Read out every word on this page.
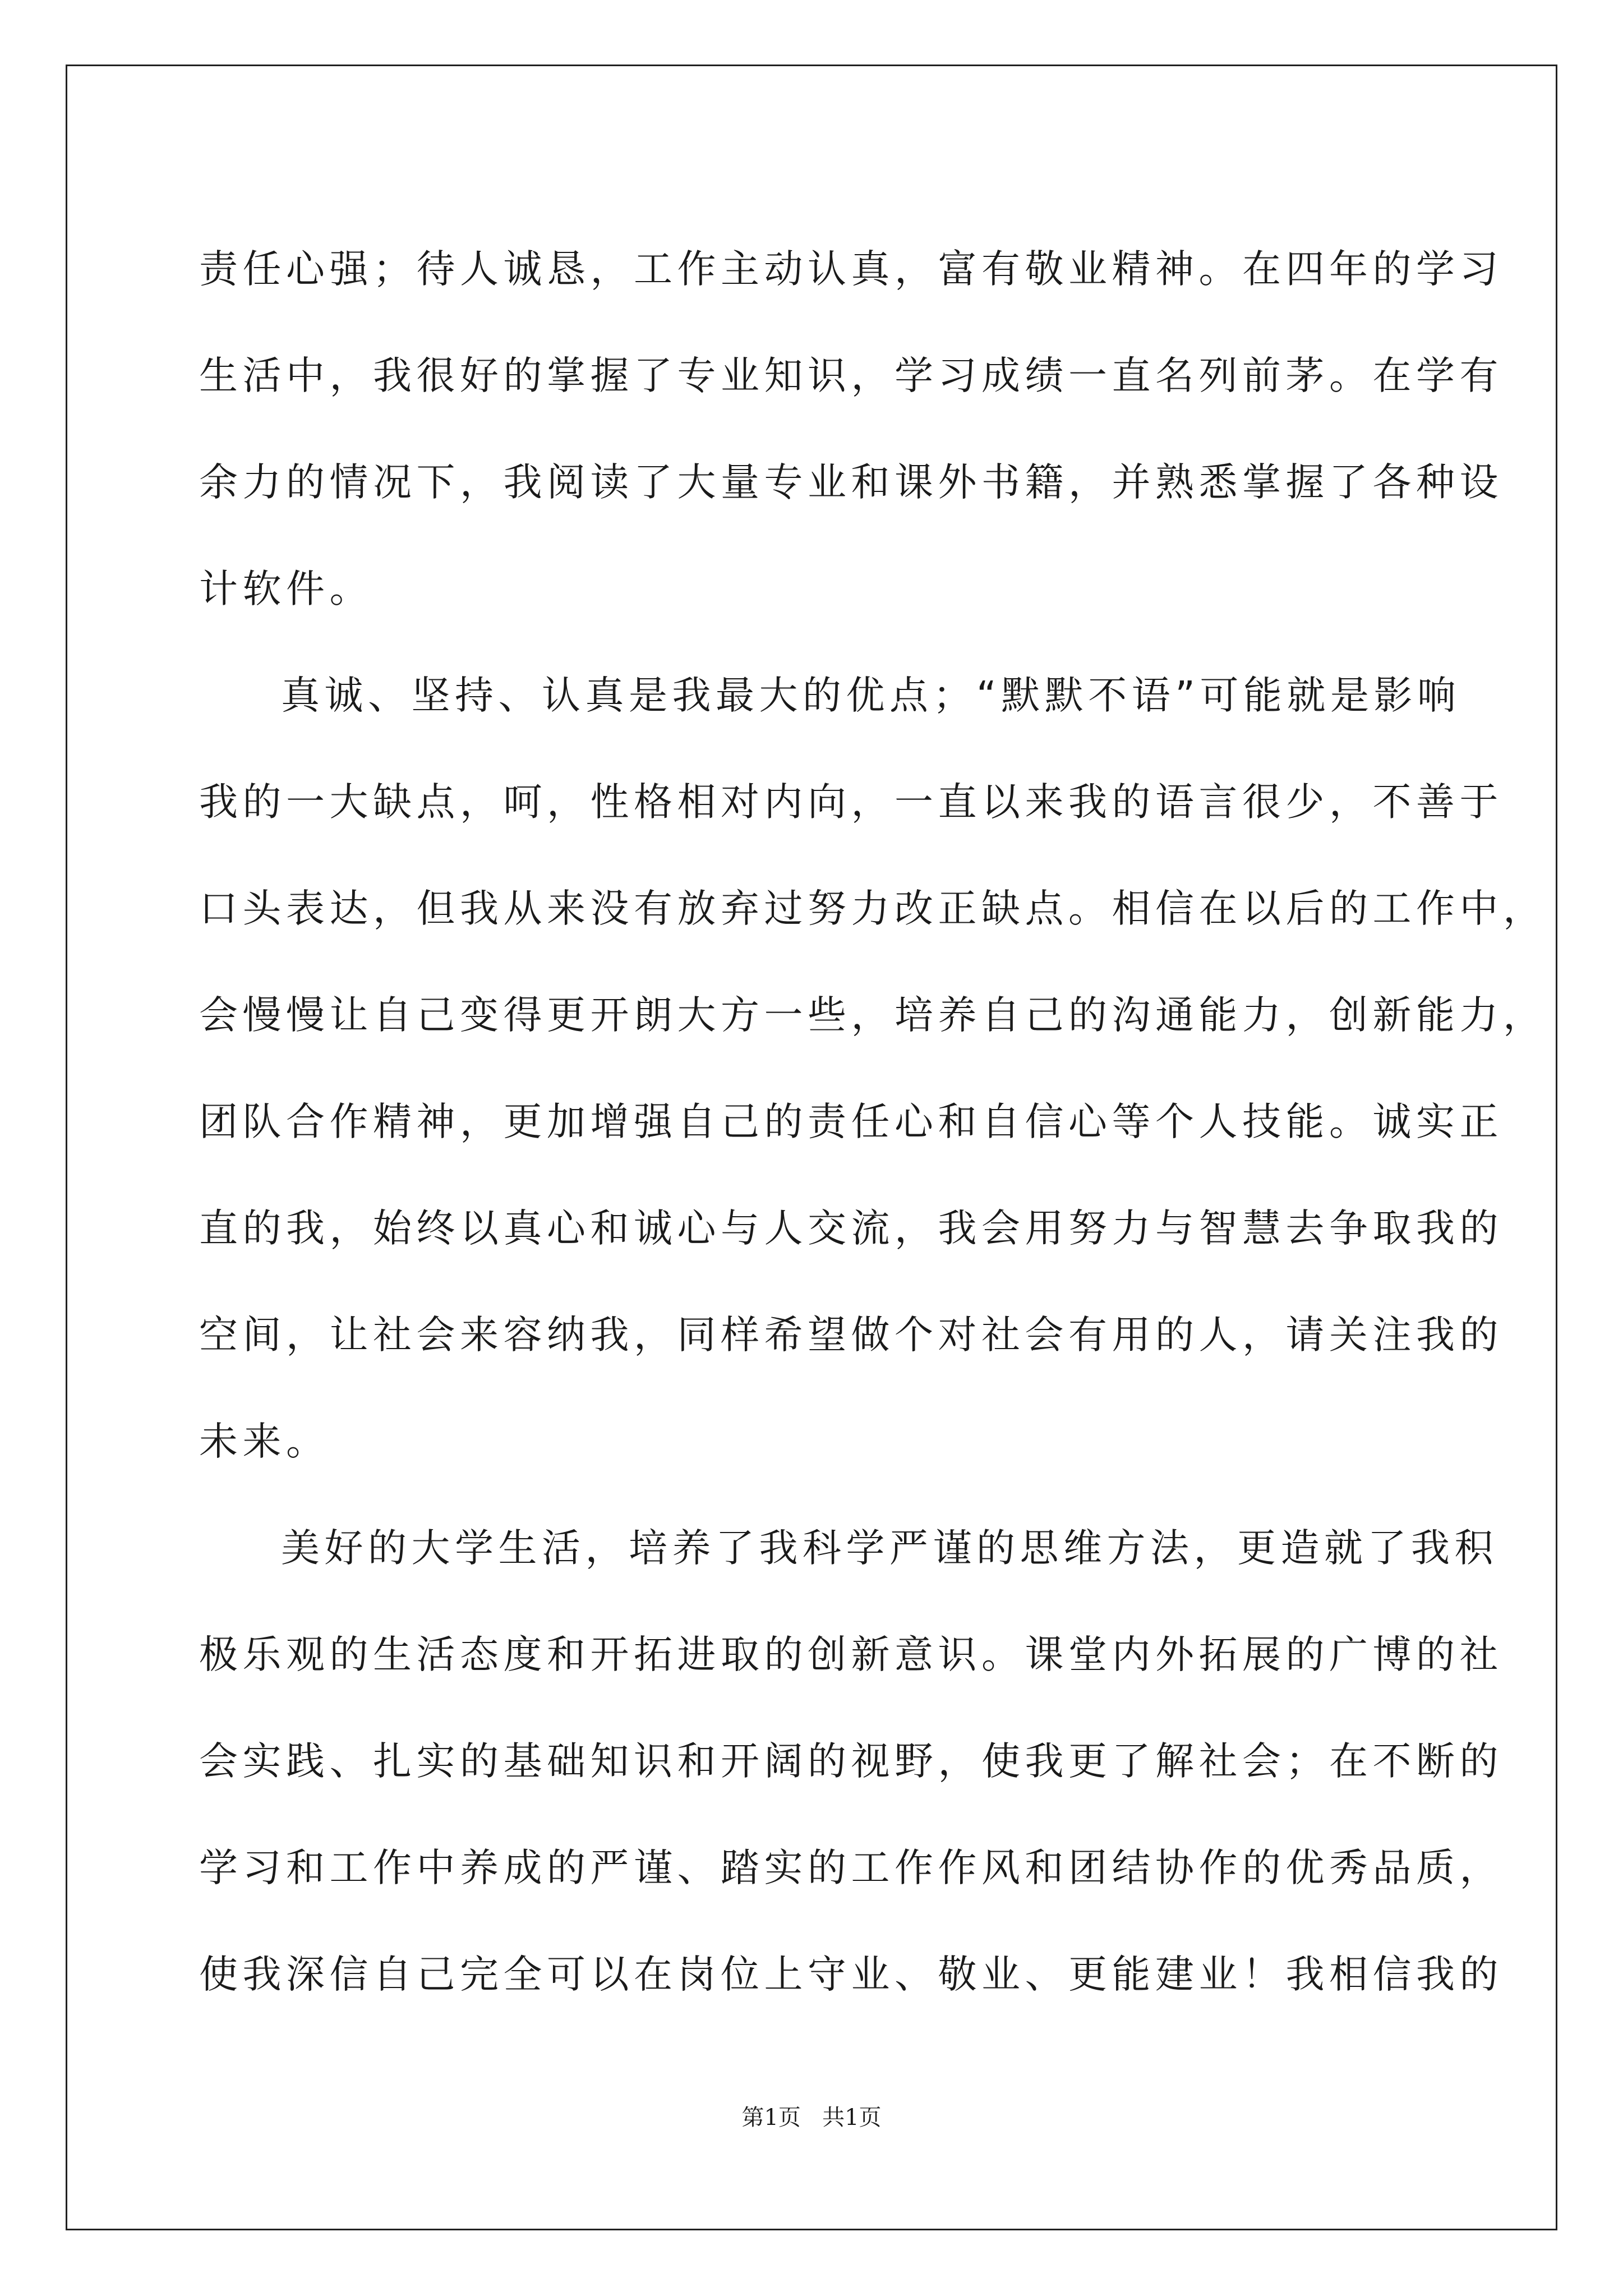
责任心强；待人诚恳，工作主动认真，富有敬业精神。在四年的学习
生活中，我很好的掌握了专业知识，学习成绩一直名列前茅。在学有
余力的情况下，我阅读了大量专业和课外书籍，并熟悉掌握了各种设
计软件。
真诚、坚持、认真是我最大的优点；“默默不语”可能就是影响
我的一大缺点，呵，性格相对内向，一直以来我的语言很少，不善于
口头表达，但我从来没有放弃过努力改正缺点。相信在以后的工作中，
会慢慢让自己变得更开朗大方一些，培养自己的沟通能力，创新能力，
团队合作精神，更加增强自己的责任心和自信心等个人技能。诚实正
直的我，始终以真心和诚心与人交流，我会用努力与智慧去争取我的
空间，让社会来容纳我，同样希望做个对社会有用的人，请关注我的
未来。
美好的大学生活，培养了我科学严谨的思维方法，更造就了我积
极乐观的生活态度和开拓进取的创新意识。课堂内外拓展的广博的社
会实践、扎实的基础知识和开阔的视野，使我更了解社会；在不断的
学习和工作中养成的严谨、踏实的工作作风和团结协作的优秀品质，
使我深信自己完全可以在岗位上守业、敬业、更能建业！我相信我的
第1页 共1页
